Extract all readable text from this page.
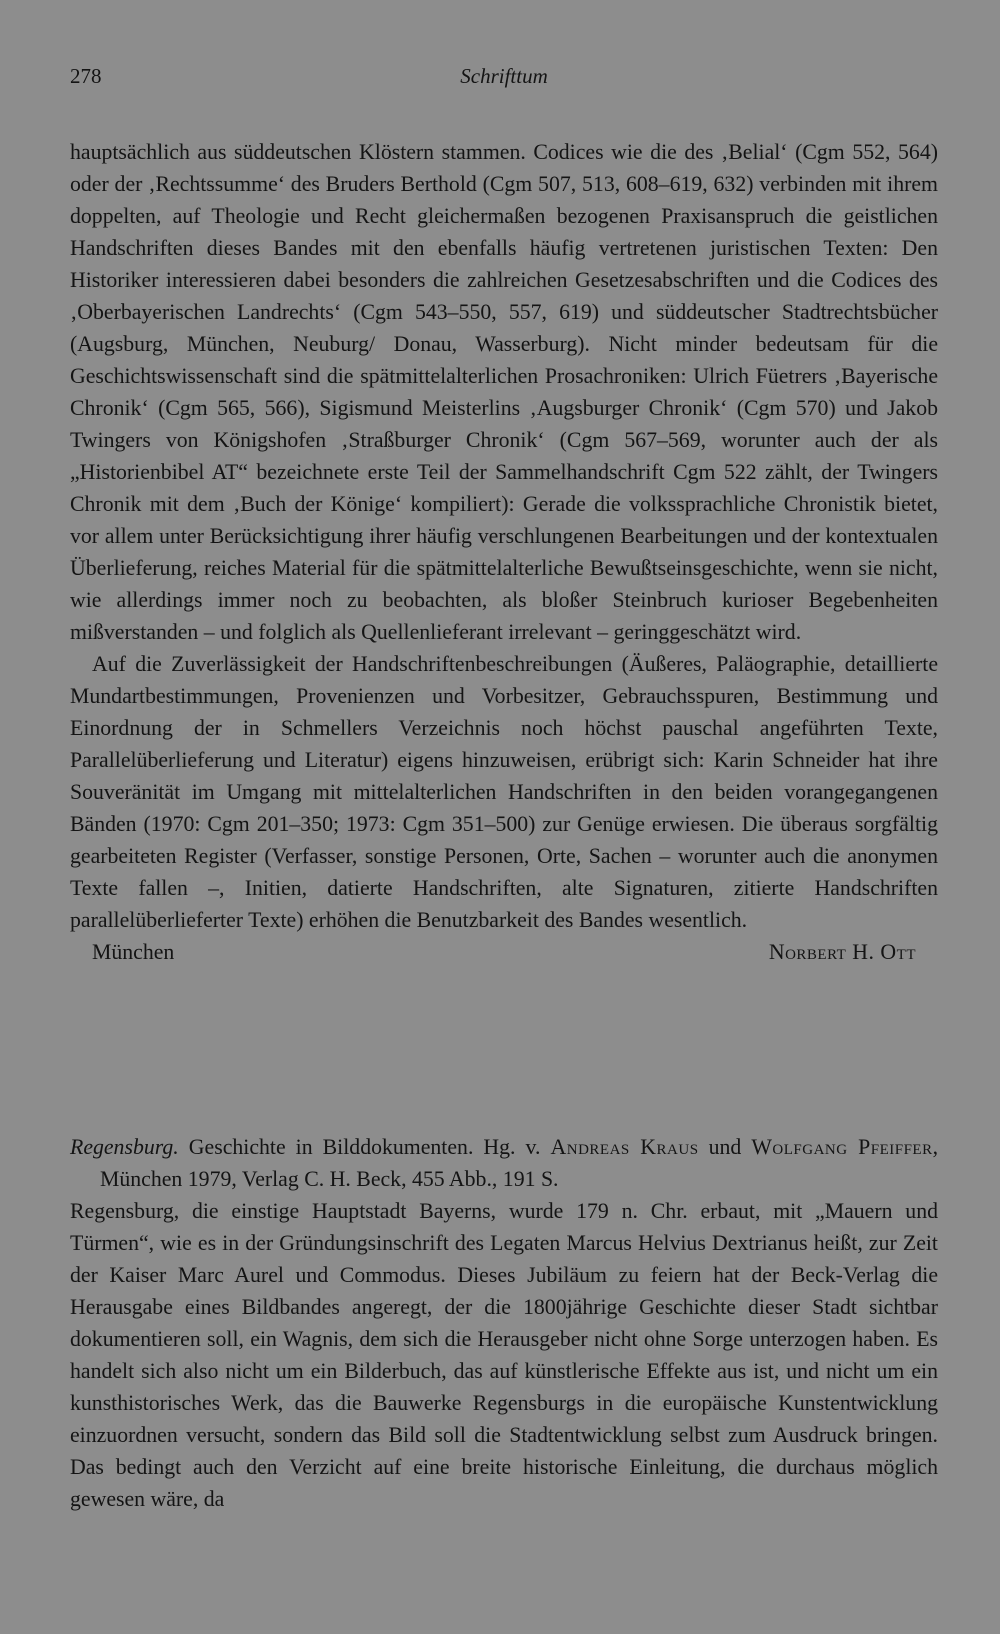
278	Schrifttum

hauptsächlich aus süddeutschen Klöstern stammen. Codices wie die des ‚Belial‘ (Cgm 552, 564) oder der ‚Rechtssumme‘ des Bruders Berthold (Cgm 507, 513, 608–619, 632) verbinden mit ihrem doppelten, auf Theologie und Recht gleichermaßen bezogenen Praxisanspruch die geistlichen Handschriften dieses Bandes mit den ebenfalls häufig vertretenen juristischen Texten: Den Historiker interessieren dabei besonders die zahlreichen Gesetzesabschriften und die Codices des ‚Oberbayerischen Landrechts‘ (Cgm 543–550, 557, 619) und süddeutscher Stadtrechtsbücher (Augsburg, München, Neuburg/ Donau, Wasserburg). Nicht minder bedeutsam für die Geschichtswissenschaft sind die spätmittelalterlichen Prosachroniken: Ulrich Füetrers ‚Bayerische Chronik‘ (Cgm 565, 566), Sigismund Meisterlins ‚Augsburger Chronik‘ (Cgm 570) und Jakob Twingers von Königshofen ‚Straßburger Chronik‘ (Cgm 567–569, worunter auch der als „Historienbibel AT“ bezeichnete erste Teil der Sammelhandschrift Cgm 522 zählt, der Twingers Chronik mit dem ‚Buch der Könige‘ kompiliert): Gerade die volkssprachliche Chronistik bietet, vor allem unter Berücksichtigung ihrer häufig verschlungenen Bearbeitungen und der kontextualen Überlieferung, reiches Material für die spätmittelalterliche Bewußtseinsgeschichte, wenn sie nicht, wie allerdings immer noch zu beobachten, als bloßer Steinbruch kurioser Begebenheiten mißverstanden – und folglich als Quellenlieferant irrelevant – geringgeschätzt wird.

Auf die Zuverlässigkeit der Handschriftenbeschreibungen (Äußeres, Paläographie, detaillierte Mundartbestimmungen, Provenienzen und Vorbesitzer, Gebrauchsspuren, Bestimmung und Einordnung der in Schmellers Verzeichnis noch höchst pauschal angeführten Texte, Parallelüberlieferung und Literatur) eigens hinzuweisen, erübrigt sich: Karin Schneider hat ihre Souveränität im Umgang mit mittelalterlichen Handschriften in den beiden vorangegangenen Bänden (1970: Cgm 201–350; 1973: Cgm 351–500) zur Genüge erwiesen. Die überaus sorgfältig gearbeiteten Register (Verfasser, sonstige Personen, Orte, Sachen – worunter auch die anonymen Texte fallen –, Initien, datierte Handschriften, alte Signaturen, zitierte Handschriften parallelüberlieferter Texte) erhöhen die Benutzbarkeit des Bandes wesentlich.

München	Norbert H. Ott

Regensburg. Geschichte in Bilddokumenten. Hg. v. Andreas Kraus und Wolfgang Pfeiffer, München 1979, Verlag C. H. Beck, 455 Abb., 191 S.

Regensburg, die einstige Hauptstadt Bayerns, wurde 179 n. Chr. erbaut, mit „Mauern und Türmen“, wie es in der Gründungsinschrift des Legaten Marcus Helvius Dextrianus heißt, zur Zeit der Kaiser Marc Aurel und Commodus. Dieses Jubiläum zu feiern hat der Beck-Verlag die Herausgabe eines Bildbandes angeregt, der die 1800jährige Geschichte dieser Stadt sichtbar dokumentieren soll, ein Wagnis, dem sich die Herausgeber nicht ohne Sorge unterzogen haben. Es handelt sich also nicht um ein Bilderbuch, das auf künstlerische Effekte aus ist, und nicht um ein kunsthistorisches Werk, das die Bauwerke Regensburgs in die europäische Kunstentwicklung einzuordnen versucht, sondern das Bild soll die Stadtentwicklung selbst zum Ausdruck bringen. Das bedingt auch den Verzicht auf eine breite historische Einleitung, die durchaus möglich gewesen wäre, da
